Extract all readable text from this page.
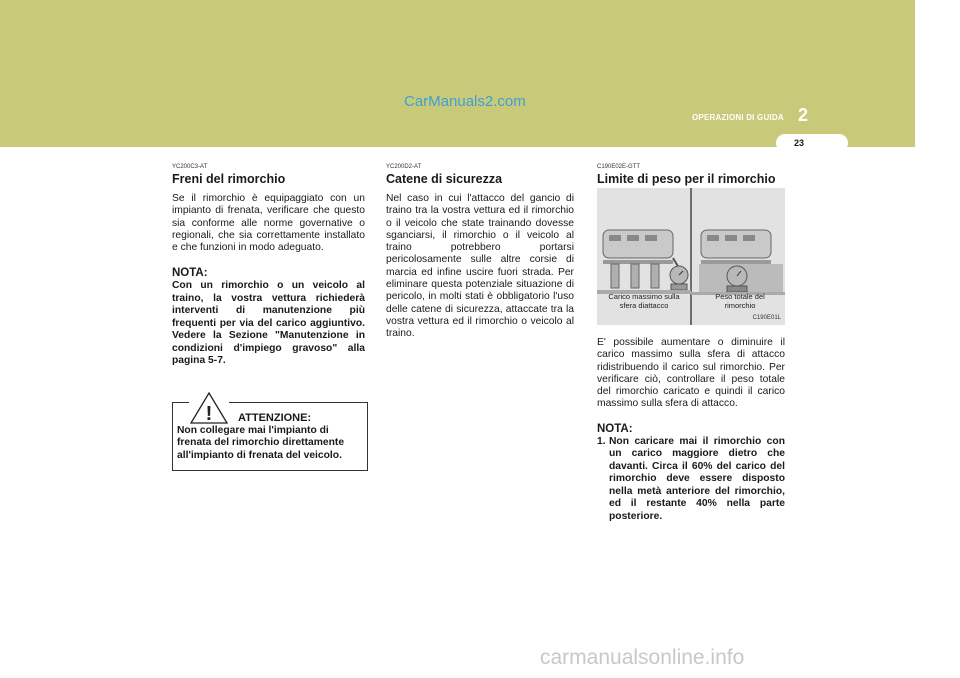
CarManuals2.com
OPERAZIONI DI GUIDA 2
23
YC200C3-AT
Freni del rimorchio

Se il rimorchio è equipaggiato con un impianto di frenata, verificare che questo sia conforme alle norme governative o regionali, che sia correttamente installato e che funzioni in modo adeguato.

NOTA:

Con un rimorchio o un veicolo al traino, la vostra vettura richiederà interventi di manutenzione più frequenti per via del carico aggiuntivo. Vedere la Sezione "Manutenzione in condizioni d'impiego gravoso" alla pagina 5-7.

! ATTENZIONE:

Non collegare mai l'impianto di frenata del rimorchio direttamente all'impianto di frenata del veicolo.

YC200D2-AT
Catene di sicurezza

Nel caso in cui l'attacco del gancio di traino tra la vostra vettura ed il rimorchio o il veicolo che state trainando dovesse sganciarsi, il rimorchio o il veicolo al traino potrebbero portarsi pericolosamente sulle altre corsie di marcia ed infine uscire fuori strada. Per eliminare questa potenziale situazione di pericolo, in molti stati è obbligatorio l'uso delle catene di sicurezza, attaccate tra la vostra vettura ed il rimorchio o veicolo al traino.

C190E02E-GTT
Limite di peso per il rimorchio
Carico massimo sulla sfera diattacco
Peso totale del rimorchio
C190E01L

E' possibile aumentare o diminuire il carico massimo sulla sfera di attacco ridistribuendo il carico sul rimorchio. Per verificare ciò, controllare il peso totale del rimorchio caricato e quindi il carico massimo sulla sfera di attacco.

NOTA:
1. Non caricare mai il rimorchio con un carico maggiore dietro che davanti. Circa il 60% del carico del rimorchio deve essere disposto nella metà anteriore del rimorchio, ed il restante 40% nella parte posteriore.
carmanualsonline.info
